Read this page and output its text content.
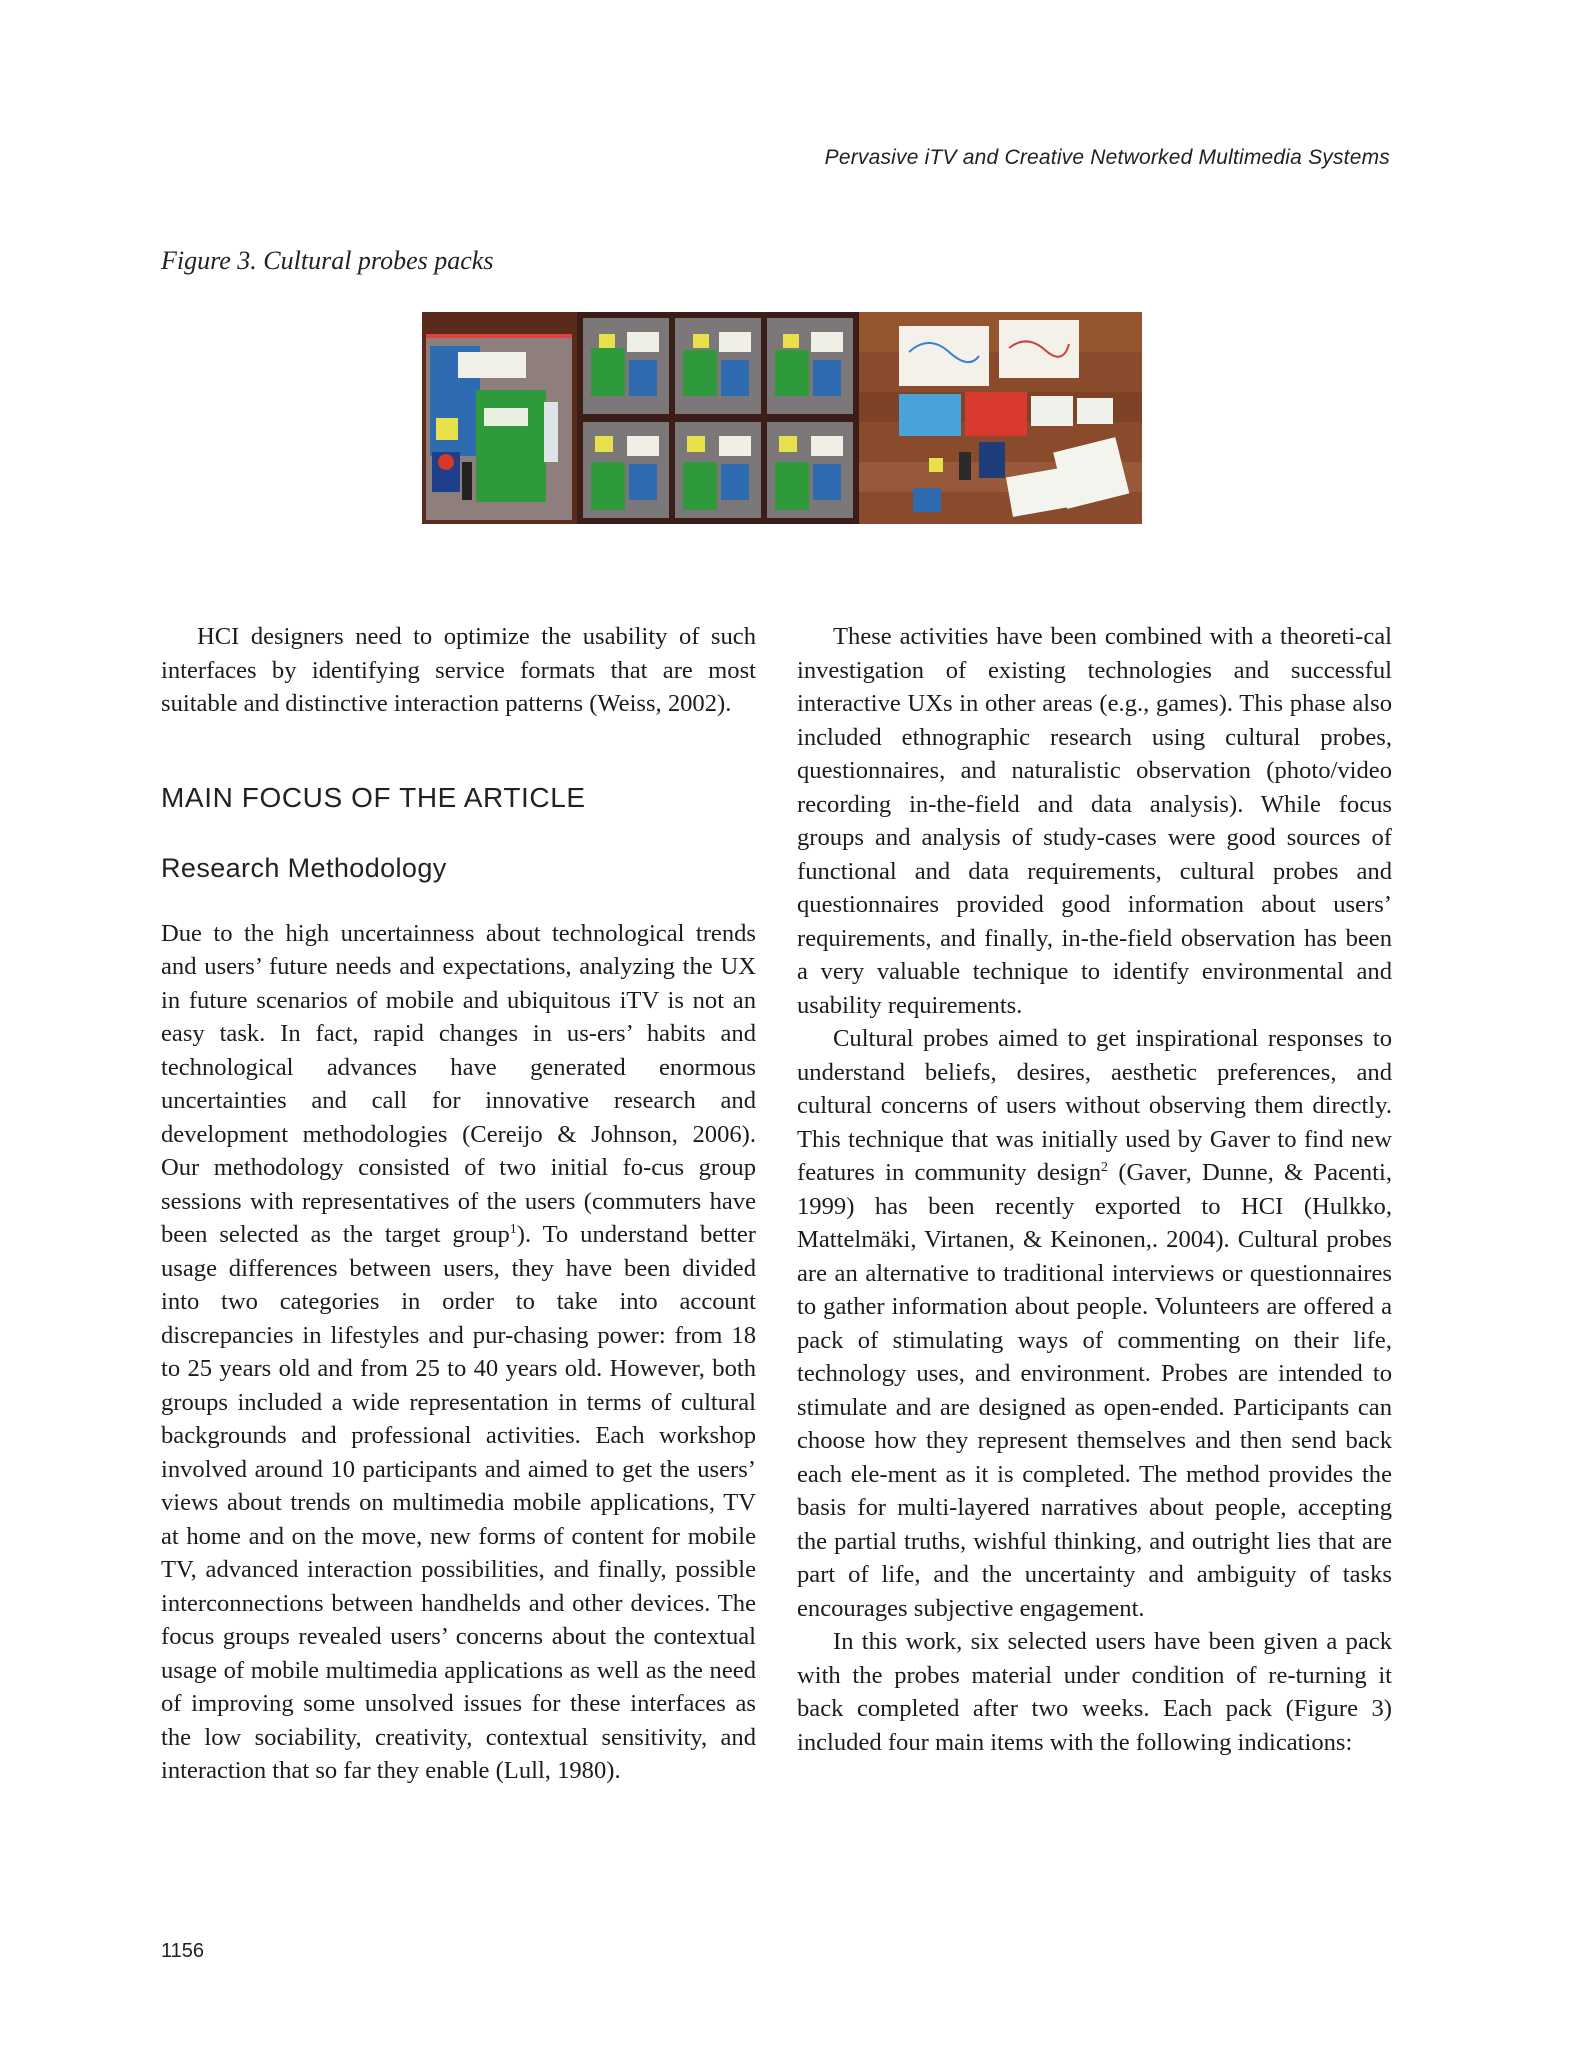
Pervasive iTV and Creative Networked Multimedia Systems
Figure 3. Cultural probes packs

HCI designers need to optimize the usability of such interfaces by identifying service formats that are most suitable and distinctive interaction patterns (Weiss, 2002).

MAIN FOCUS OF THE ARTICLE
Research Methodology

Due to the high uncertainness about technological trends and users’ future needs and expectations, analyzing the UX in future scenarios of mobile and ubiquitous iTV is not an easy task. In fact, rapid changes in us-ers’ habits and technological advances have generated enormous uncertainties and call for innovative research and development methodologies (Cereijo & Johnson, 2006). Our methodology consisted of two initial fo-cus group sessions with representatives of the users (commuters have been selected as the target group$^1$). To understand better usage differences between users, they have been divided into two categories in order to take into account discrepancies in lifestyles and pur-chasing power: from 18 to 25 years old and from 25 to 40 years old. However, both groups included a wide representation in terms of cultural backgrounds and professional activities. Each workshop involved around 10 participants and aimed to get the users’ views about trends on multimedia mobile applications, TV at home and on the move, new forms of content for mobile TV, advanced interaction possibilities, and finally, possible interconnections between handhelds and other devices. The focus groups revealed users’ concerns about the contextual usage of mobile multimedia applications as well as the need of improving some unsolved issues for these interfaces as the low sociability, creativity, contextual sensitivity, and interaction that so far they enable (Lull, 1980).

These activities have been combined with a theoreti-cal investigation of existing technologies and successful interactive UXs in other areas (e.g., games). This phase also included ethnographic research using cultural probes, questionnaires, and naturalistic observation (photo/video recording in-the-field and data analysis). While focus groups and analysis of study-cases were good sources of functional and data requirements, cultural probes and questionnaires provided good information about users’ requirements, and finally, in-the-field observation has been a very valuable technique to identify environmental and usability requirements.

Cultural probes aimed to get inspirational responses to understand beliefs, desires, aesthetic preferences, and cultural concerns of users without observing them directly. This technique that was initially used by Gaver to find new features in community design$^2$ (Gaver, Dunne, & Pacenti, 1999) has been recently exported to HCI (Hulkko, Mattelmäki, Virtanen, & Keinonen,. 2004). Cultural probes are an alternative to traditional interviews or questionnaires to gather information about people. Volunteers are offered a pack of stimulating ways of commenting on their life, technology uses, and environment. Probes are intended to stimulate and are designed as open-ended. Participants can choose how they represent themselves and then send back each ele-ment as it is completed. The method provides the basis for multi-layered narratives about people, accepting the partial truths, wishful thinking, and outright lies that are part of life, and the uncertainty and ambiguity of tasks encourages subjective engagement.

In this work, six selected users have been given a pack with the probes material under condition of re-turning it back completed after two weeks. Each pack (Figure 3) included four main items with the following indications:

1156
